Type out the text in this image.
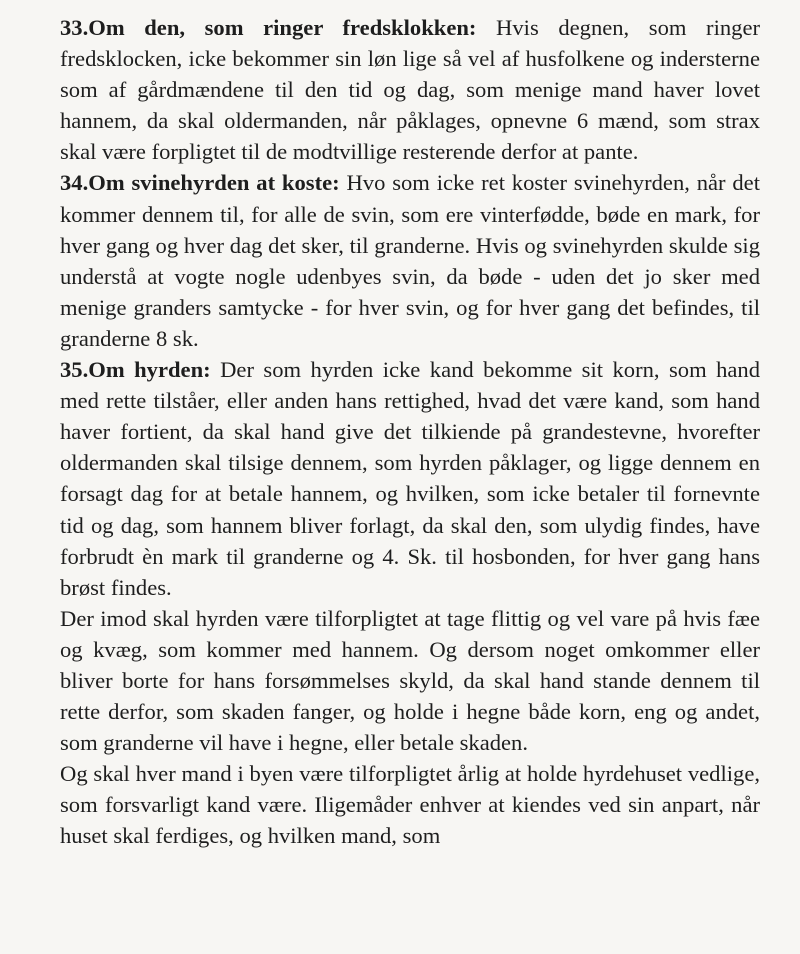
33.Om den, som ringer fredsklokken: Hvis degnen, som ringer fredsklocken, icke bekommer sin løn lige så vel af husfolkene og indersterne som af gårdmændene til den tid og dag, som menige mand haver lovet hannem, da skal oldermanden, når påklages, opnevne 6 mænd, som strax skal være forpligtet til de modtvillige resterende derfor at pante.

34.Om svinehyrden at koste: Hvo som icke ret koster svinehyrden, når det kommer dennem til, for alle de svin, som ere vinterfødde, bøde en mark, for hver gang og hver dag det sker, til granderne. Hvis og svinehyrden skulde sig understå at vogte nogle udenbyes svin, da bøde - uden det jo sker med menige granders samtycke - for hver svin, og for hver gang det befindes, til granderne 8 sk.

35.Om hyrden: Der som hyrden icke kand bekomme sit korn, som hand med rette tilståer, eller anden hans rettighed, hvad det være kand, som hand haver fortient, da skal hand give det tilkiende på grandestevne, hvorefter oldermanden skal tilsige dennem, som hyrden påklager, og ligge dennem en forsagt dag for at betale hannem, og hvilken, som icke betaler til fornevnte tid og dag, som hannem bliver forlagt, da skal den, som ulydig findes, have forbrudt èn mark til granderne og 4. Sk. til hosbonden, for hver gang hans brøst findes.

Der imod skal hyrden være tilforpligtet at tage flittig og vel vare på hvis fæe og kvæg, som kommer med hannem. Og dersom noget omkommer eller bliver borte for hans forsømmelses skyld, da skal hand stande dennem til rette derfor, som skaden fanger, og holde i hegne både korn, eng og andet, som granderne vil have i hegne, eller betale skaden.

Og skal hver mand i byen være tilforpligtet årlig at holde hyrdehuset vedlige, som forsvarligt kand være. Iligemåder enhver at kiendes ved sin anpart, når huset skal ferdiges, og hvilken mand, som
